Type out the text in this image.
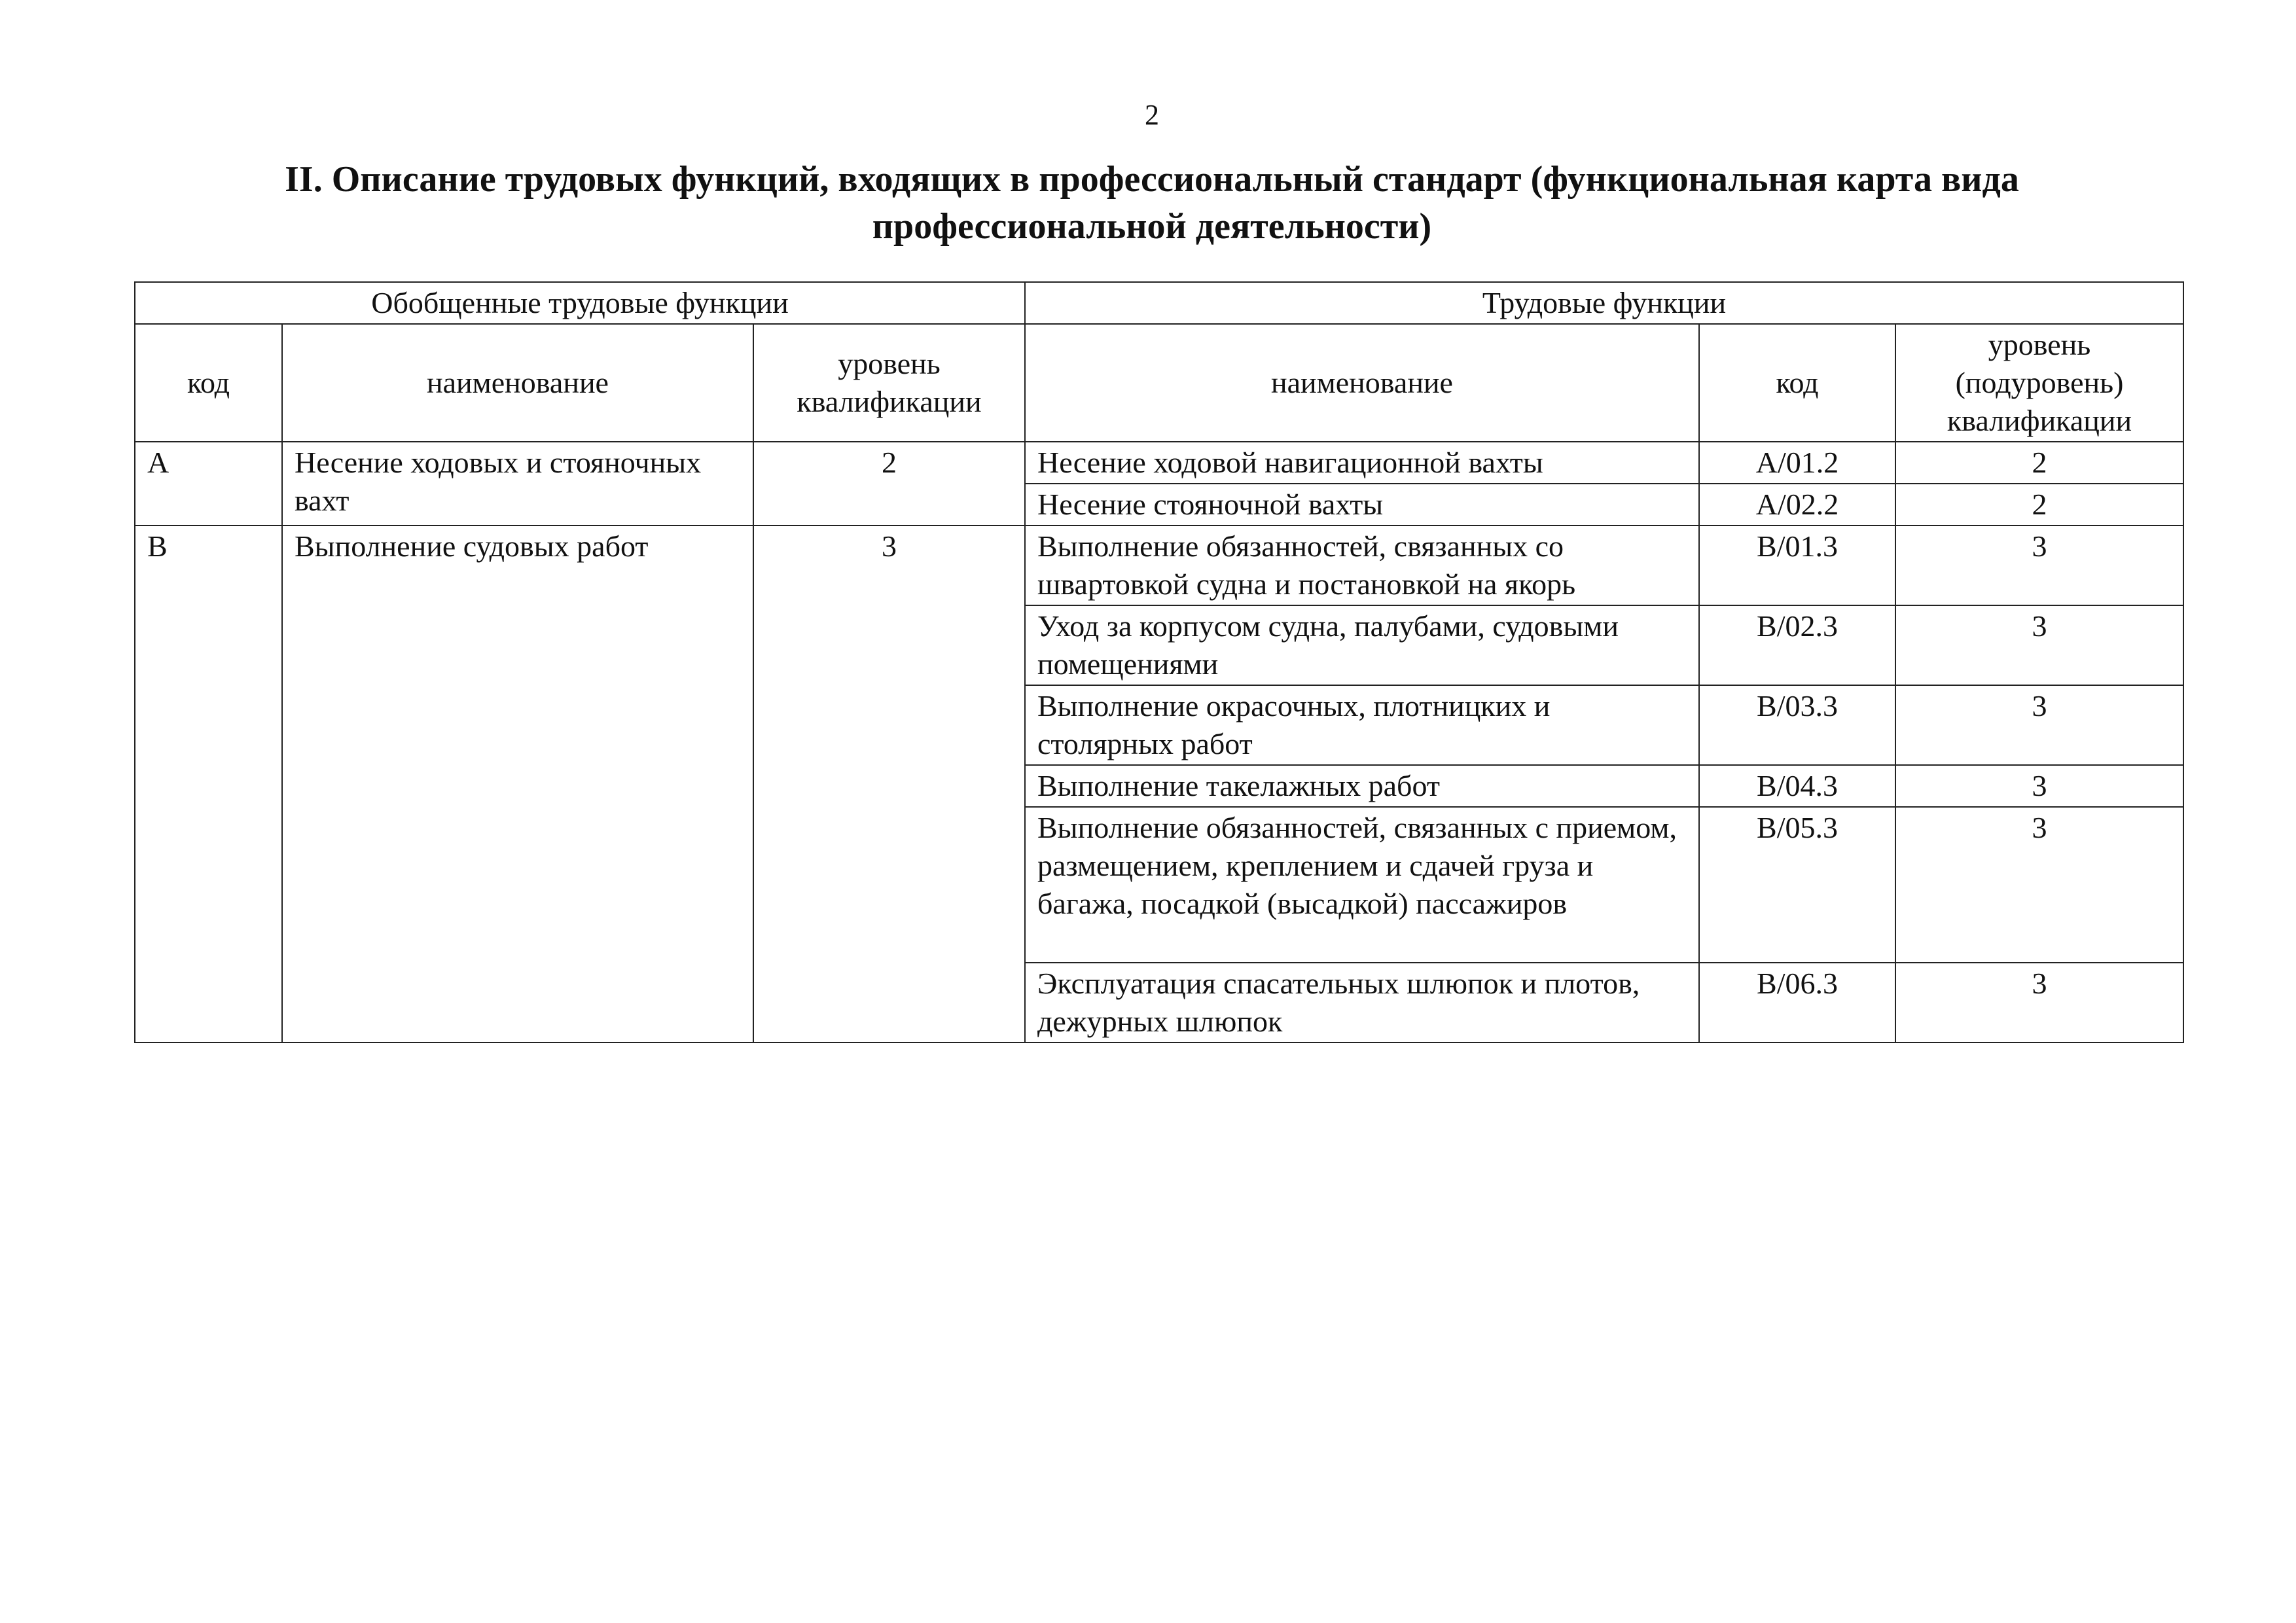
2
II. Описание трудовых функций, входящих в профессиональный стандарт (функциональная карта вида
профессиональной деятельности)
Обобщенные трудовые функции			Трудовые функции		
код	наименование	уровень квалификации	наименование	код	уровень (подуровень) квалификации
A	Несение ходовых и стояночных вахт	2	Несение ходовой навигационной вахты	A/01.2	2
			Несение стояночной вахты	A/02.2	2
B	Выполнение судовых работ	3	Выполнение обязанностей, связанных со швартовкой судна и постановкой на якорь	B/01.3	3
			Уход за корпусом судна, палубами, судовыми помещениями	B/02.3	3
			Выполнение окрасочных, плотницких и столярных работ	B/03.3	3
			Выполнение такелажных работ	B/04.3	3
			Выполнение обязанностей, связанных с приемом, размещением, креплением и сдачей груза и багажа, посадкой (высадкой) пассажиров	B/05.3	3
			Эксплуатация спасательных шлюпок и плотов, дежурных шлюпок	B/06.3	3
